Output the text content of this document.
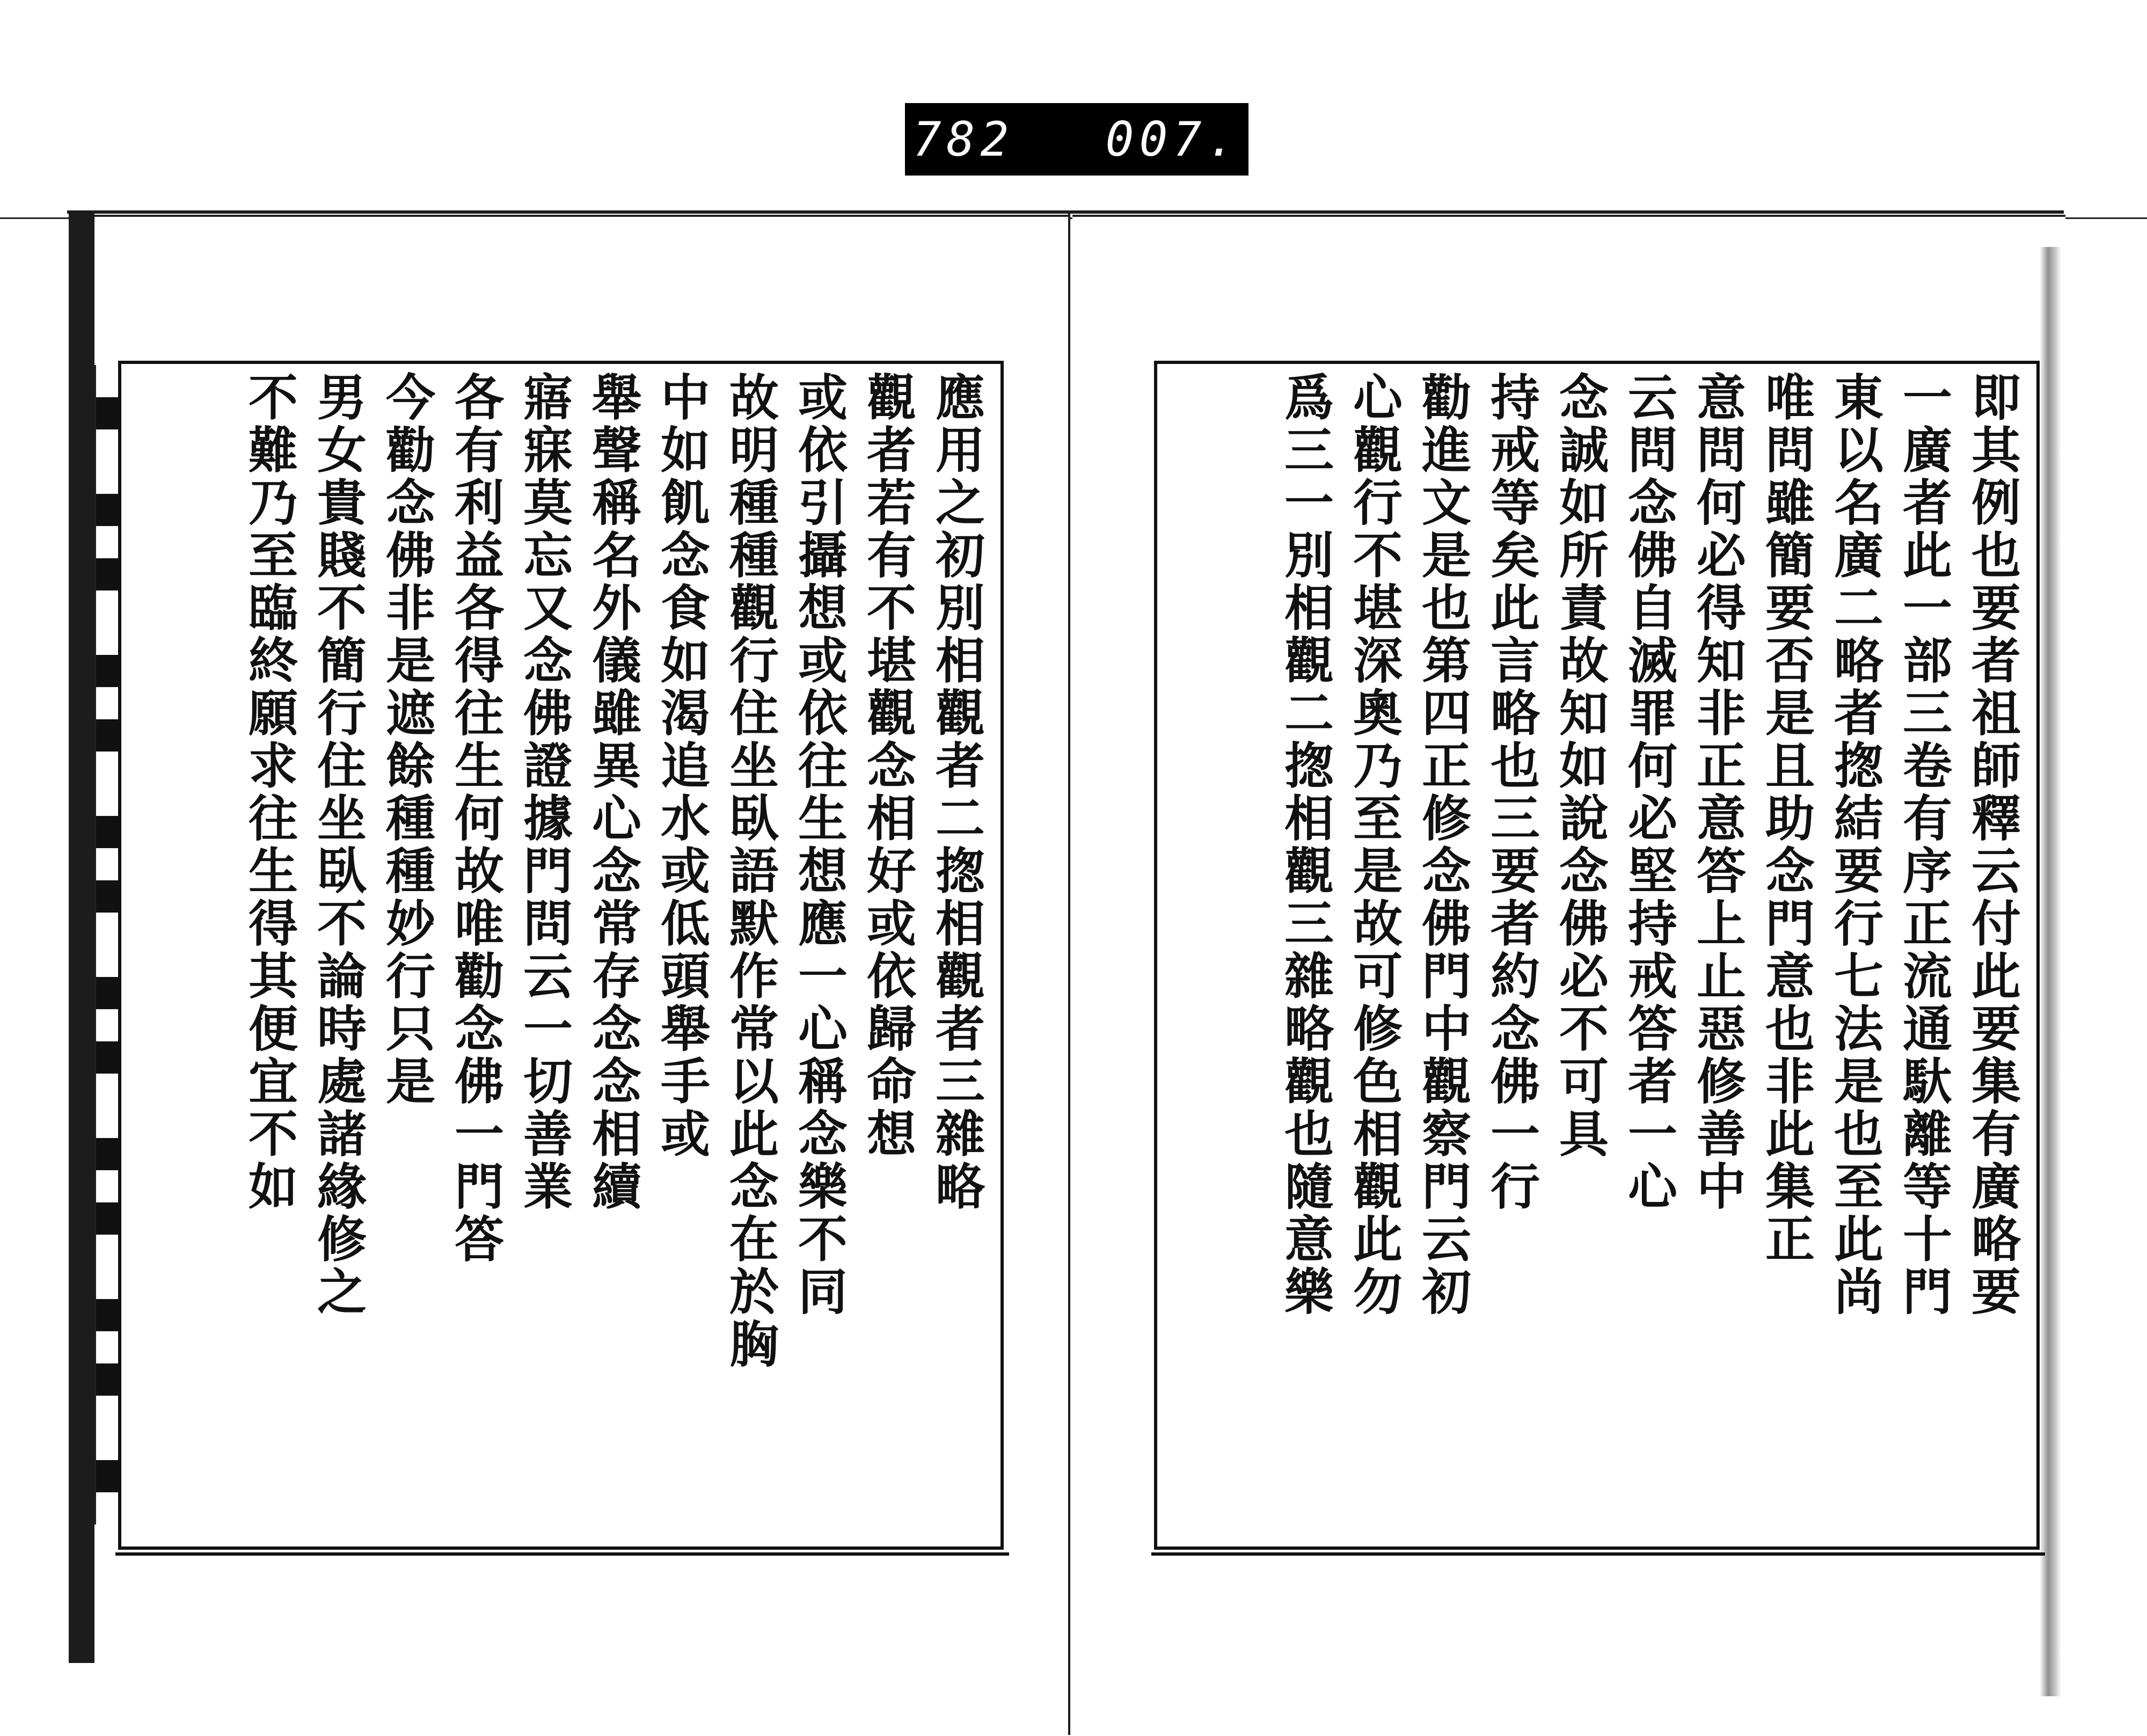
782 007.
即其例也要者祖師釋云付此要集有廣略要
一廣者此一部三卷有序正流通馱離等十門
東以名廣二略者揔結要行七法是也至此尚
唯問雖簡要否是且助念門意也非此集正
意問何必得知非正意答上止惡修善中
云問念佛自滅罪何必堅持戒答者一心
念誠如所責故知如說念佛必不可具
持戒等矣此言略也三要者約念佛一行
勸進文是也第四正修念佛門中觀察門云初
心觀行不堪深奧乃至是故可修色相觀此勿
爲三一別相觀二揔相觀三雜略觀也隨意樂
應用之初別相觀者二揔相觀者三雜略
觀者若有不堪觀念相好或依歸命想
或依引攝想或依往生想應一心稱念樂不同
故明種種觀行住坐臥語默作常以此念在於胸
中如飢念食如渴追水或低頭舉手或
舉聲稱名外儀雖異心念常存念念相續
寤寐莫忘又念佛證據門問云一切善業
各有利益各得往生何故唯勸念佛一門答
今勸念佛非是遮餘種種妙行只是
男女貴賤不簡行住坐臥不論時處諸緣修之
不難乃至臨終願求往生得其便宜不如
